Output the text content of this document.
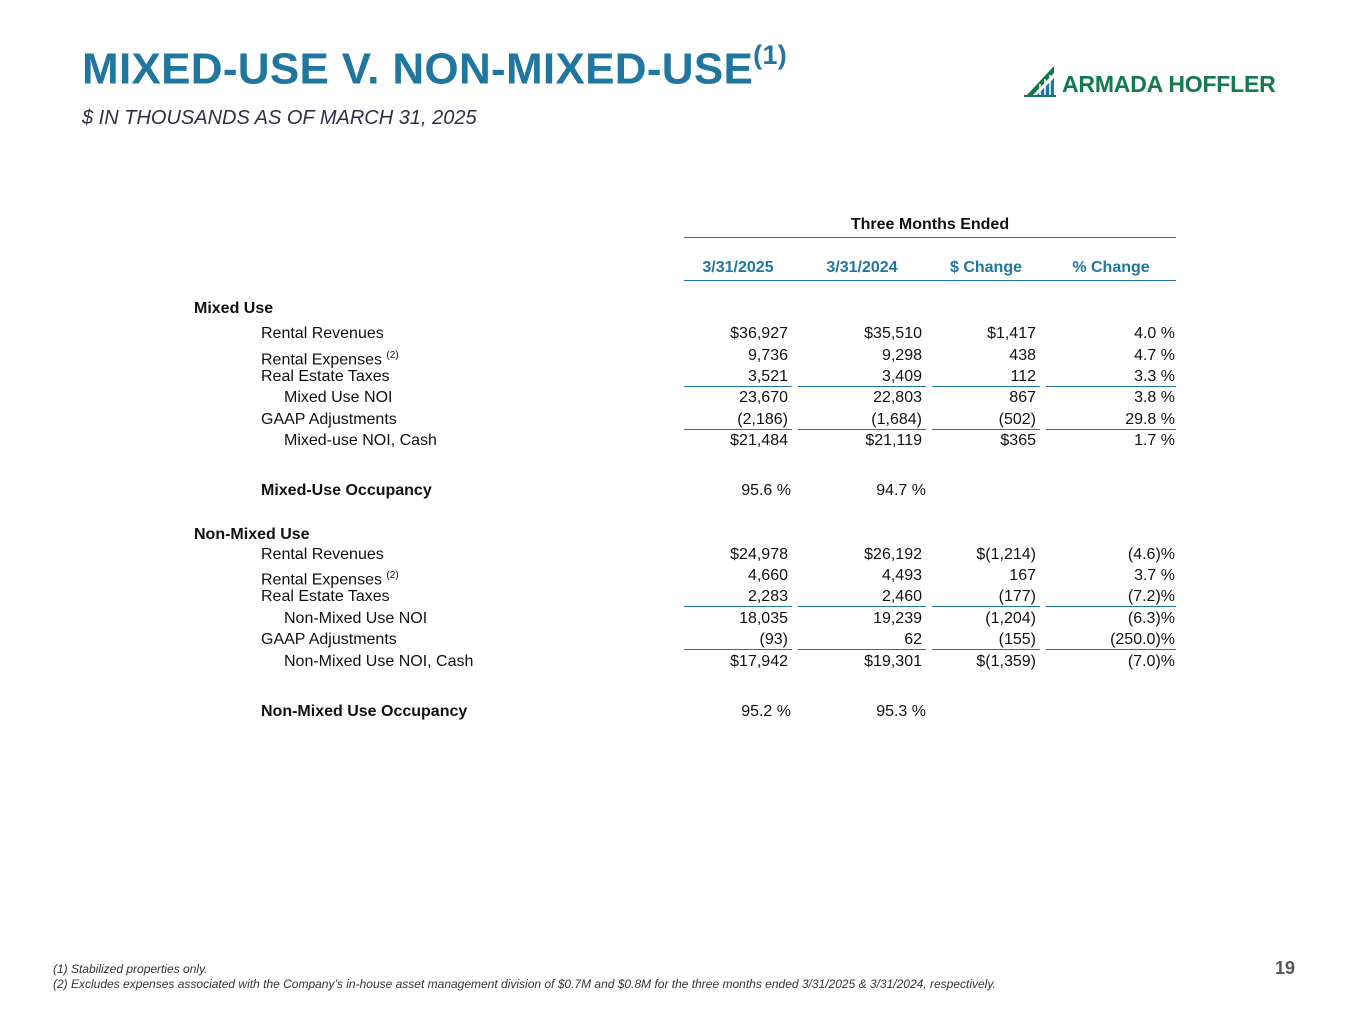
MIXED-USE V. NON-MIXED-USE$^{(1)}$
$ IN THOUSANDS AS OF MARCH 31, 2025
ARMADA HOFFLER
Three Months Ended
3/31/2025	3/31/2024	$ Change	% Change
Mixed Use
Rental Revenues	$36,927	$35,510	$1,417	4.0 %
Rental Expenses $^{(2)}$	9,736	9,298	438	4.7 %
Real Estate Taxes	3,521	3,409	112	3.3 %
Mixed Use NOI	23,670	22,803	867	3.8 %
GAAP Adjustments	(2,186)	(1,684)	(502)	29.8 %
Mixed-use NOI, Cash	$21,484	$21,119	$365	1.7 %
Mixed-Use Occupancy	95.6 %	94.7 %
Non-Mixed Use
Rental Revenues	$24,978	$26,192	$(1,214)	(4.6)%
Rental Expenses $^{(2)}$	4,660	4,493	167	3.7 %
Real Estate Taxes	2,283	2,460	(177)	(7.2)%
Non-Mixed Use NOI	18,035	19,239	(1,204)	(6.3)%
GAAP Adjustments	(93)	62	(155)	(250.0)%
Non-Mixed Use NOI, Cash	$17,942	$19,301	$(1,359)	(7.0)%
Non-Mixed Use Occupancy	95.2 %	95.3 %
(1) Stabilized properties only.
(2) Excludes expenses associated with the Company’s in-house asset management division of $0.7M and $0.8M for the three months ended 3/31/2025 & 3/31/2024, respectively.
19
